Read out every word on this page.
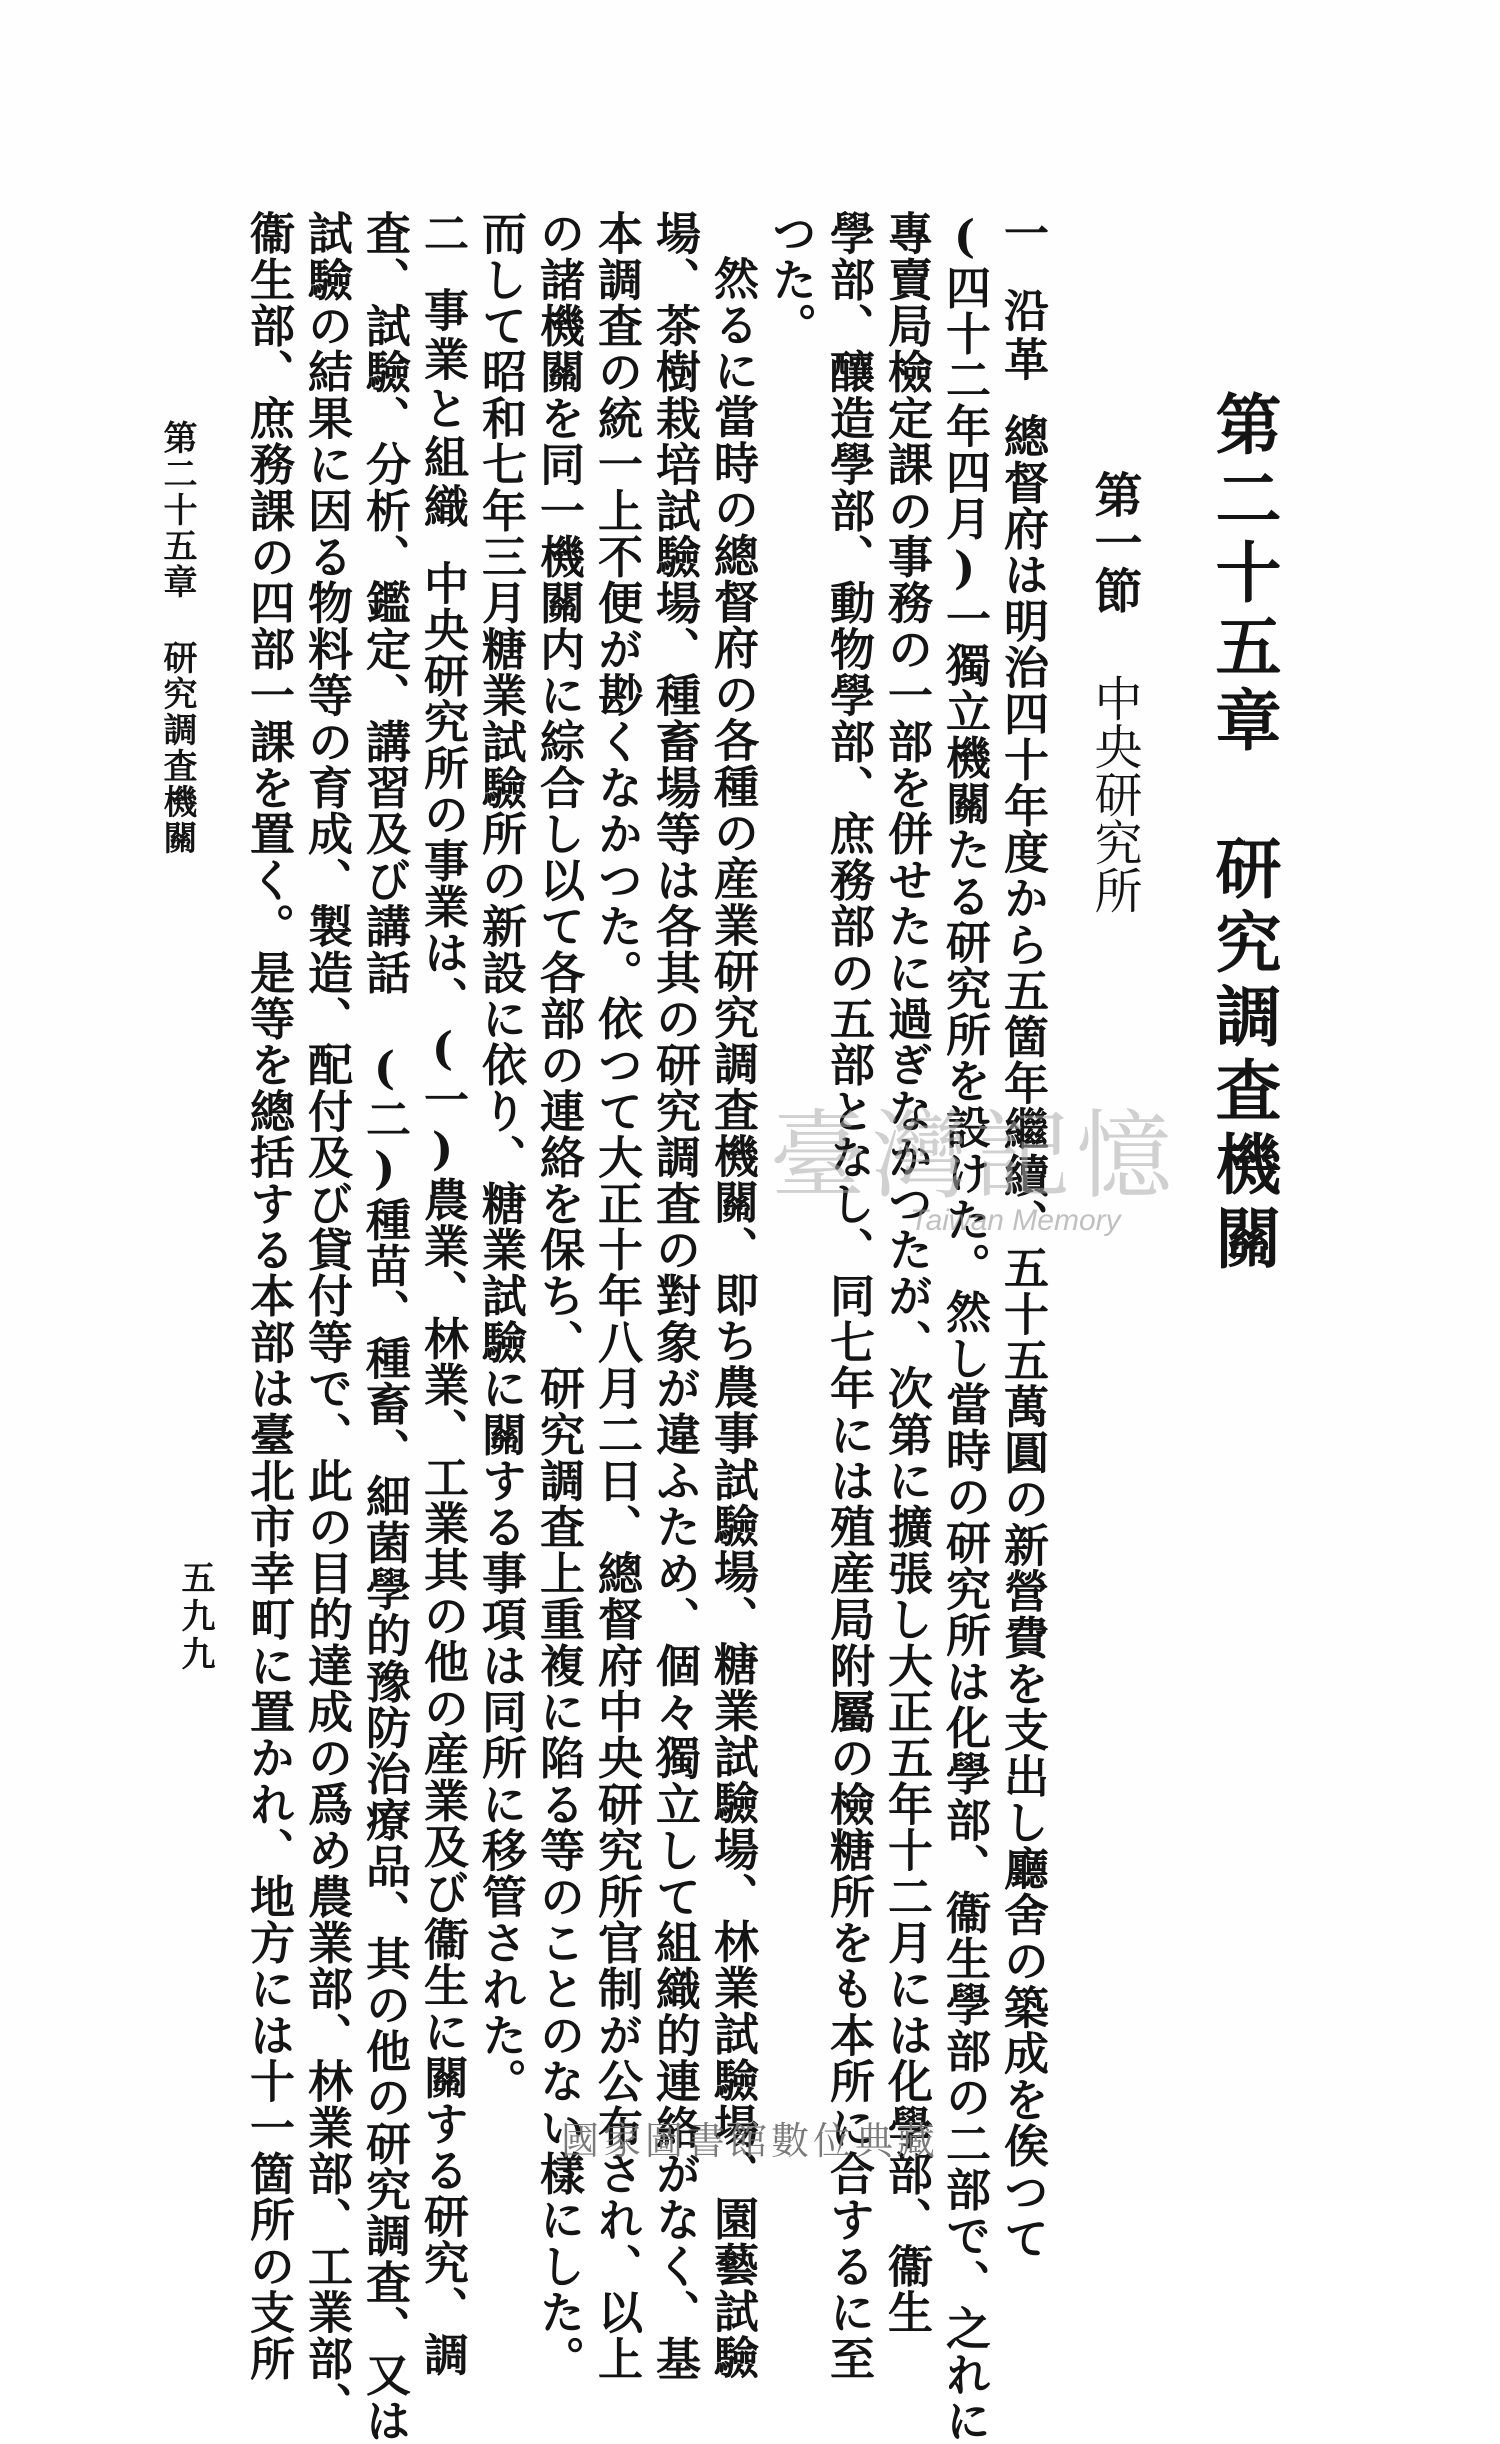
第二十五章　研究調査機關
第一節中央研究所
一沿革總督府は明治四十年度から五箇年繼續、五十五萬圓の新營費を支出し廳舍の築成を俟つて
(四十二年四月)一獨立機關たる研究所を設けた。然し當時の研究所は化學部、衞生學部の二部で、之れに
專賣局檢定課の事務の一部を併せたに過ぎなかつたが、次第に擴張し大正五年十二月には化學部、衞生
學部、釀造學部、動物學部、庶務部の五部となし、同七年には殖産局附屬の檢糖所をも本所に合するに至
つた。
然るに當時の總督府の各種の産業研究調査機關、即ち農事試驗場、糖業試驗場、林業試驗場、園藝試驗
場、茶樹栽培試驗場、種畜場等は各其の研究調査の對象が違ふため、個々獨立して組織的連絡がなく、基
本調査の統一上不便が尠くなかつた。依つて大正十年八月二日、總督府中央研究所官制が公布され、以上
の諸機關を同一機關内に綜合し以て各部の連絡を保ち、研究調査上重複に陷る等のことのない樣にした。
而して昭和七年三月糖業試驗所の新設に依り、糖業試驗に關する事項は同所に移管された。
二事業と組織中央研究所の事業は、(一)農業、林業、工業其の他の産業及び衞生に關する研究、調
査、試驗、分析、鑑定、講習及び講話　(二)種苗、種畜、細菌學的豫防治療品、其の他の研究調査、又は
試驗の結果に因る物料等の育成、製造、配付及び貸付等で、此の目的達成の爲め農業部、林業部、工業部、
衞生部、庶務課の四部一課を置く。是等を總括する本部は臺北市幸町に置かれ、地方には十一箇所の支所
第二十五章研究調査機關
五九九
臺灣記憶
Taiwan Memory
國家圖書館數位典藏
